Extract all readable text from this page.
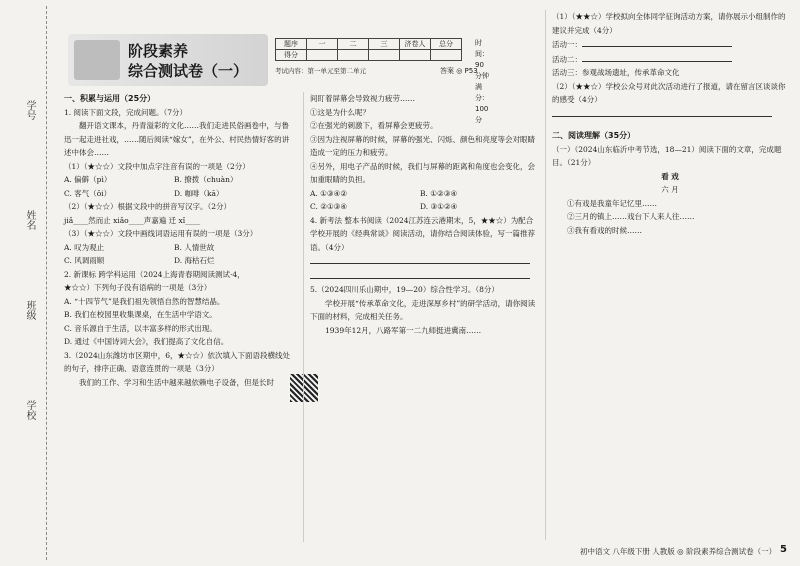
学号
姓名
班级
学校
阶段素养
综合测试卷（一）
题序	一	二	三	济卷人	总分
得分					
时间：90分钟
满分：100分
考试内容：第一单元至第二单元	答案 ◎ P53

一、积累与运用（25分）

1. 阅读下面文段，完成问题。（7分）

翻开语文课本，丹青溢彩的文化……我们走进民俗画卷中，与鲁迅一起走进社戏，……随后阅读“嫁女”，在外公、村民热情好客的讲述中体会……

（1）（★☆☆）文段中加点字注音有误的一项是（2分）

A. 偏僻（pì）	B. 撩拨（chuàn）
C. 客气（ǒi）	D. 咖啡（kā）

（2）（★☆☆）根据文段中的拼音写汉字。（2分）

jiǎ____然而止 xiǎo____声嘉遍 迁 xǐ____

（3）（★☆☆）文段中画线词语运用有误的一项是（3分）

A. 叹为观止	B. 人情世故
C. 风调雨顺	D. 海枯石烂

2. 新课标 跨学科运用（2024上海青春期阅读测试·4，★☆☆）下列句子没有语病的一项是（3分）

A. “十四节气”是我们祖先领悟自然的智慧结晶。

B. 我们在校园里收集课桌，在生活中学语文。

C. 音乐源自于生活，以丰富多样的形式出现。

D. 通过《中国诗词大会》，我们提高了文化自信。

3.（2024山东潍坊市区期中，6，★☆☆）依次填入下面语段横线处的句子，排序正确、语意连贯的一项是（3分）

我们的工作、学习和生活中越来越依赖电子设备，但是长时

间盯着屏幕会导致视力疲劳……

①这是为什么呢？

②在强光的刺激下，看屏幕会更疲劳。

③因为注视屏幕的时候，屏幕的强光、闪烁、颜色和亮度等会对眼睛造成一定的压力和疲劳。

④另外，用电子产品的时候，我们与屏幕的距离和角度也会变化，会加重眼睛的负担。

A. ①③④②	B. ①②③④
C. ②①③④	D. ③①②④

4. 新考法 整本书阅读（2024江苏连云港期末，5，★★☆）为配合学校开展的《经典常谈》阅读活动，请你结合阅读体验，写一篇推荐语。（4分）

5.（2024四川乐山期中，19—20）综合性学习。（8分）

学校开展“传承革命文化，走进深厚乡村”的研学活动，请你阅读下面的材料，完成相关任务。

1939年12月，八路军第一二九师挺进冀南……

（1）（★★☆）学校拟向全体同学征询活动方案，请你展示小组制作的建议并完成（4分）

活动一：

活动二：

活动三：参观战场遗址，传承革命文化

（2）（★★☆）学校公众号对此次活动进行了报道，请在留言区谈谈你的感受（4分）

二、阅读理解（35分）

（一）（2024山东临沂中考节选，18—21）阅读下面的文章，完成题目。（21分）

看 戏

六 月

①有戏是我童年记忆里……

②三月的镇上……戏台下人来人往……

③我有看戏的时候……

初中语文 八年级下册 人教版 ◎ 阶段素养综合测试卷（一） 5
